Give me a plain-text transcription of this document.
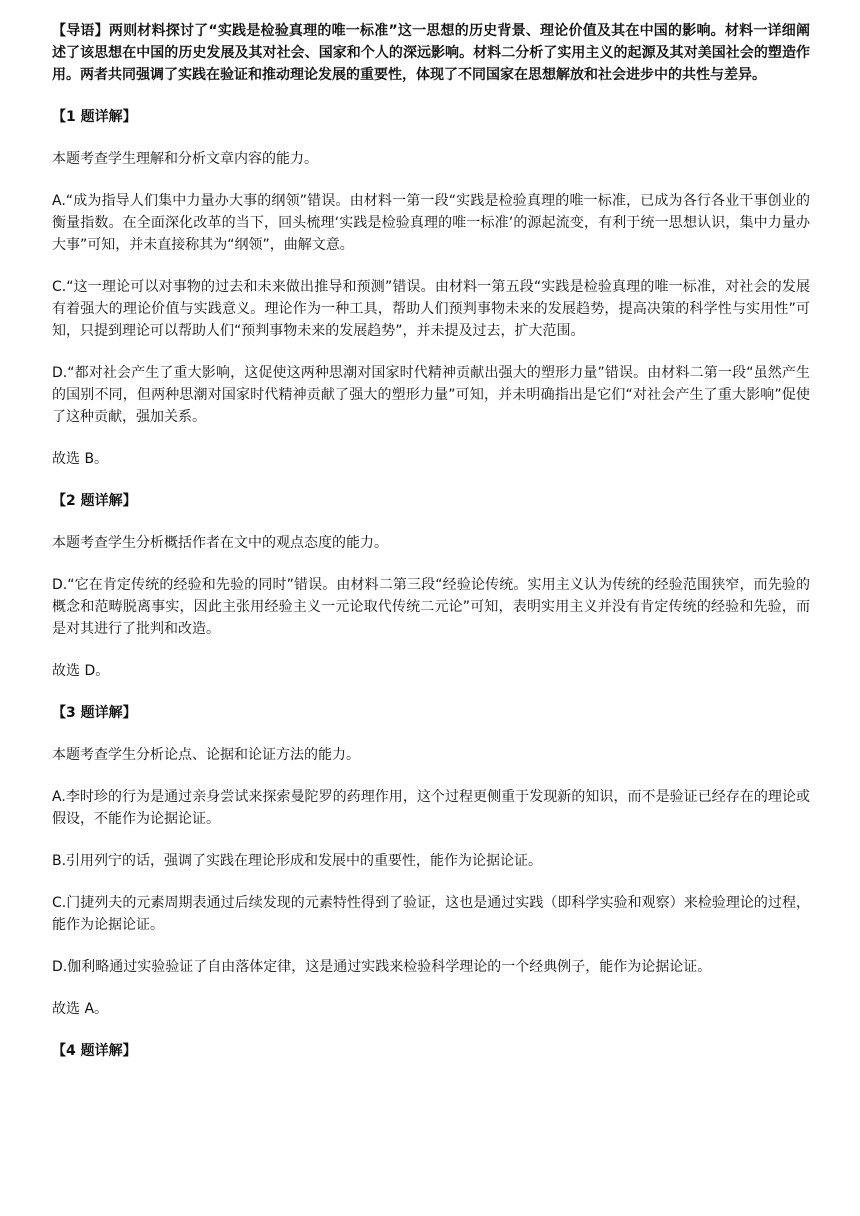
【导语】两则材料探讨了“实践是检验真理的唯一标准”这一思想的历史背景、理论价值及其在中国的影响。材料一详细阐述了该思想在中国的历史发展及其对社会、国家和个人的深远影响。材料二分析了实用主义的起源及其对美国社会的塑造作用。两者共同强调了实践在验证和推动理论发展的重要性，体现了不同国家在思想解放和社会进步中的共性与差异。

【1 题详解】

本题考查学生理解和分析文章内容的能力。

A.“成为指导人们集中力量办大事的纲领”错误。由材料一第一段“实践是检验真理的唯一标准，已成为各行各业干事创业的衡量指数。在全面深化改革的当下，回头梳理‘实践是检验真理的唯一标准’的源起流变，有利于统一思想认识，集中力量办大事”可知，并未直接称其为“纲领”，曲解文意。

C.“这一理论可以对事物的过去和未来做出推导和预测”错误。由材料一第五段“实践是检验真理的唯一标准，对社会的发展有着强大的理论价值与实践意义。理论作为一种工具，帮助人们预判事物未来的发展趋势，提高决策的科学性与实用性”可知，只提到理论可以帮助人们“预判事物未来的发展趋势”，并未提及过去，扩大范围。

D.“都对社会产生了重大影响，这促使这两种思潮对国家时代精神贡献出强大的塑形力量”错误。由材料二第一段“虽然产生的国别不同，但两种思潮对国家时代精神贡献了强大的塑形力量”可知，并未明确指出是它们“对社会产生了重大影响”促使了这种贡献，强加关系。

故选 B。

【2 题详解】

本题考查学生分析概括作者在文中的观点态度的能力。

D.“它在肯定传统的经验和先验的同时”错误。由材料二第三段“经验论传统。实用主义认为传统的经验范围狭窄，而先验的概念和范畴脱离事实，因此主张用经验主义一元论取代传统二元论”可知，表明实用主义并没有肯定传统的经验和先验，而是对其进行了批判和改造。

故选 D。

【3 题详解】

本题考查学生分析论点、论据和论证方法的能力。

A.李时珍的行为是通过亲身尝试来探索曼陀罗的药理作用，这个过程更侧重于发现新的知识，而不是验证已经存在的理论或假设，不能作为论据论证。

B.引用列宁的话，强调了实践在理论形成和发展中的重要性，能作为论据论证。

C.门捷列夫的元素周期表通过后续发现的元素特性得到了验证，这也是通过实践（即科学实验和观察）来检验理论的过程，能作为论据论证。

D.伽利略通过实验验证了自由落体定律，这是通过实践来检验科学理论的一个经典例子，能作为论据论证。

故选 A。

【4 题详解】
